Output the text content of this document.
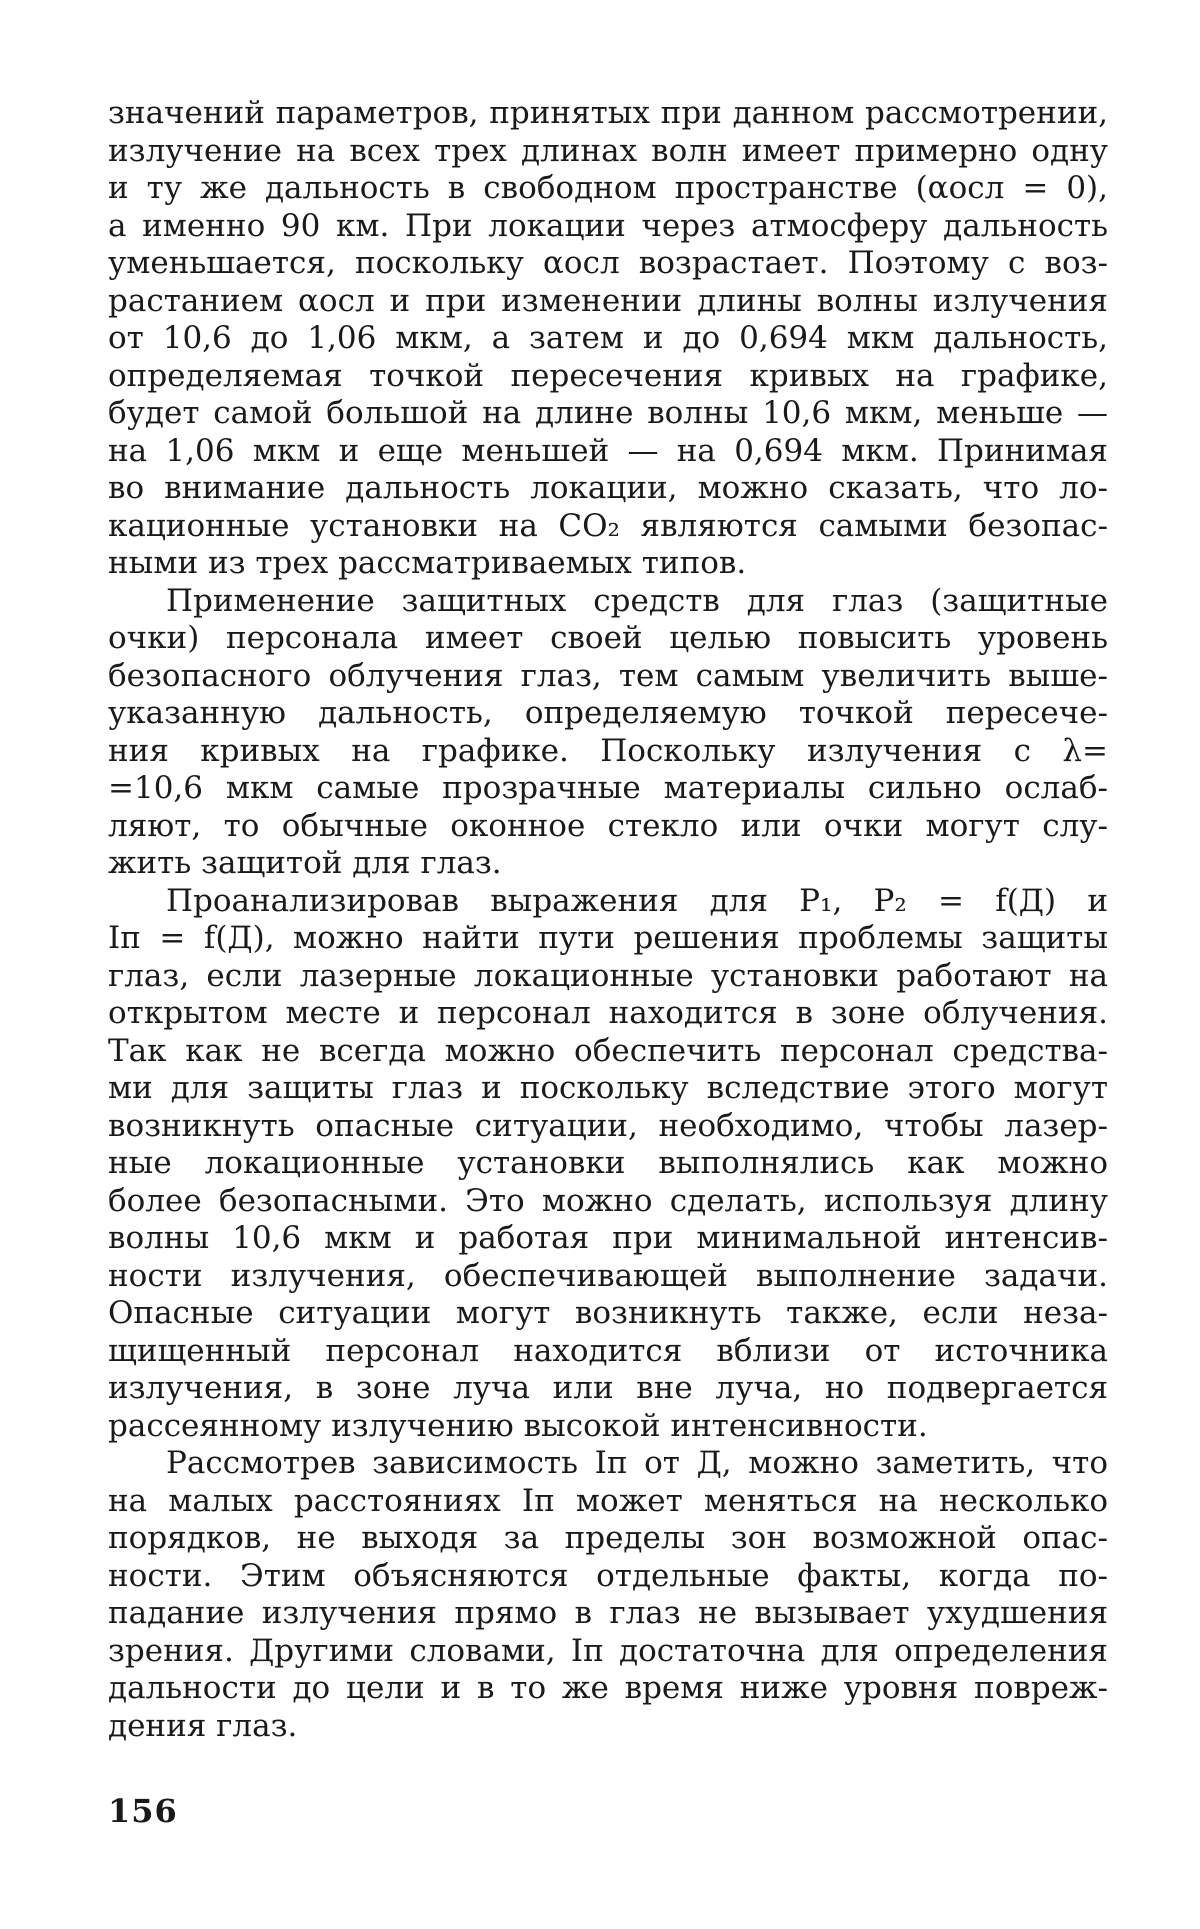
значений параметров, принятых при данном рассмотрении,
излучение на всех трех длинах волн имеет примерно одну
и ту же дальность в свободном пространстве (αосл = 0),
а именно 90 км. При локации через атмосферу дальность
уменьшается, поскольку αосл возрастает. Поэтому с воз-
растанием αосл и при изменении длины волны излучения
от 10,6 до 1,06 мкм, а затем и до 0,694 мкм дальность,
определяемая точкой пересечения кривых на графике,
будет самой большой на длине волны 10,6 мкм, меньше —
на 1,06 мкм и еще меньшей — на 0,694 мкм. Принимая
во внимание дальность локации, можно сказать, что ло-
кационные установки на CO₂ являются самыми безопас-
ными из трех рассматриваемых типов.
Применение защитных средств для глаз (защитные
очки) персонала имеет своей целью повысить уровень
безопасного облучения глаз, тем самым увеличить выше-
указанную дальность, определяемую точкой пересече-
ния кривых на графике. Поскольку излучения с λ=
=10,6 мкм самые прозрачные материалы сильно ослаб-
ляют, то обычные оконное стекло или очки могут слу-
жить защитой для глаз.
Проанализировав выражения для P₁, P₂ = f(Д) и
Iп = f(Д), можно найти пути решения проблемы защиты
глаз, если лазерные локационные установки работают на
открытом месте и персонал находится в зоне облучения.
Так как не всегда можно обеспечить персонал средства-
ми для защиты глаз и поскольку вследствие этого могут
возникнуть опасные ситуации, необходимо, чтобы лазер-
ные локационные установки выполнялись как можно
более безопасными. Это можно сделать, используя длину
волны 10,6 мкм и работая при минимальной интенсив-
ности излучения, обеспечивающей выполнение задачи.
Опасные ситуации могут возникнуть также, если неза-
щищенный персонал находится вблизи от источника
излучения, в зоне луча или вне луча, но подвергается
рассеянному излучению высокой интенсивности.
Рассмотрев зависимость Iп от Д, можно заметить, что
на малых расстояниях Iп может меняться на несколько
порядков, не выходя за пределы зон возможной опас-
ности. Этим объясняются отдельные факты, когда по-
падание излучения прямо в глаз не вызывает ухудшения
зрения. Другими словами, Iп достаточна для определения
дальности до цели и в то же время ниже уровня повреж-
дения глаз.
156
